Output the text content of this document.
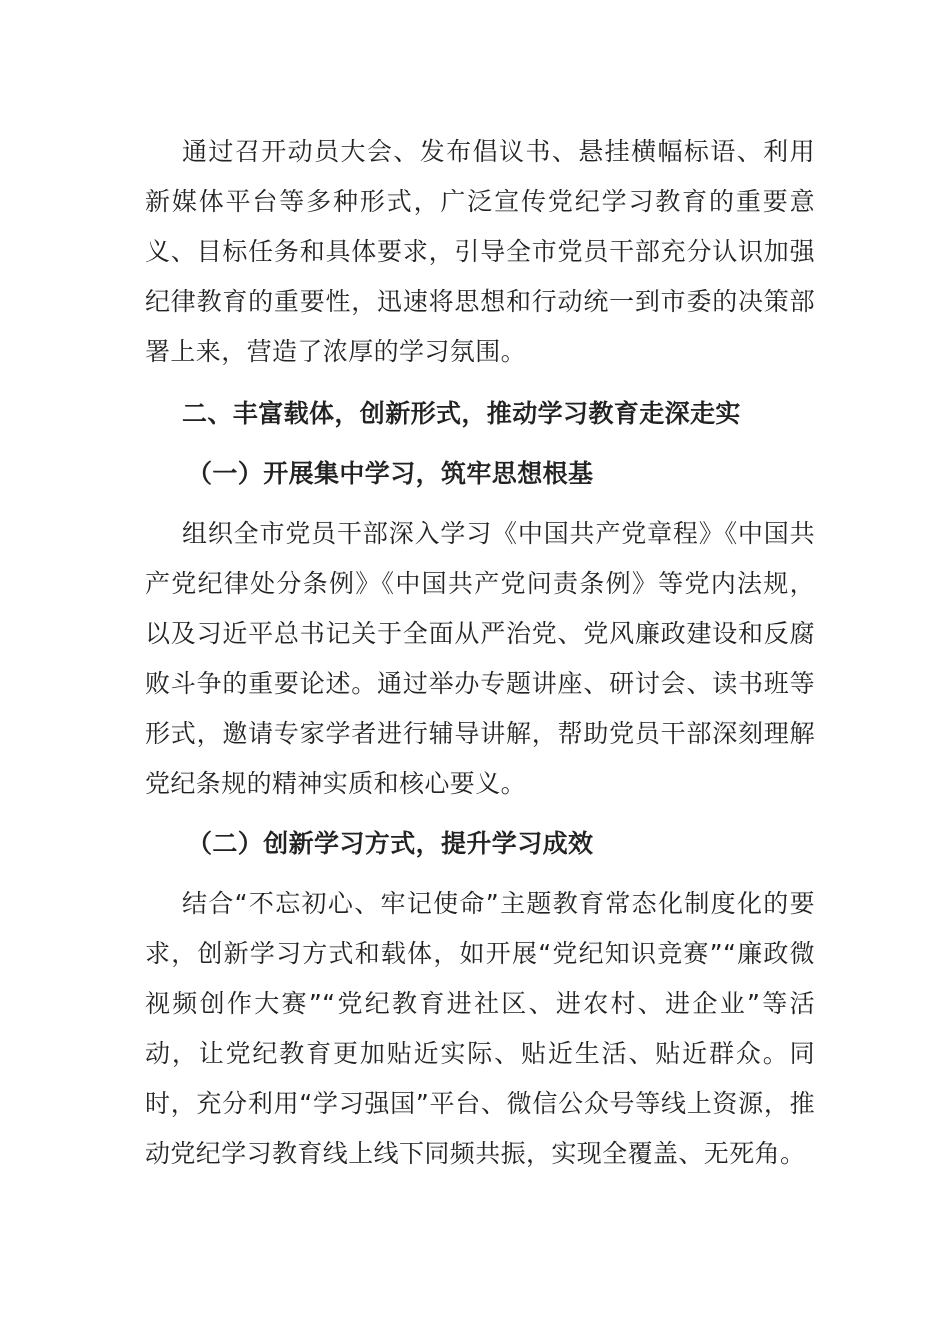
通过召开动员大会、发布倡议书、悬挂横幅标语、利用新媒体平台等多种形式，广泛宣传党纪学习教育的重要意义、目标任务和具体要求，引导全市党员干部充分认识加强纪律教育的重要性，迅速将思想和行动统一到市委的决策部署上来，营造了浓厚的学习氛围。

二、丰富载体，创新形式，推动学习教育走深走实

（一）开展集中学习，筑牢思想根基

组织全市党员干部深入学习《中国共产党章程》《中国共产党纪律处分条例》《中国共产党问责条例》等党内法规，以及习近平总书记关于全面从严治党、党风廉政建设和反腐败斗争的重要论述。通过举办专题讲座、研讨会、读书班等形式，邀请专家学者进行辅导讲解，帮助党员干部深刻理解党纪条规的精神实质和核心要义。

（二）创新学习方式，提升学习成效

结合“不忘初心、牢记使命”主题教育常态化制度化的要求，创新学习方式和载体，如开展“党纪知识竞赛”“廉政微视频创作大赛”“党纪教育进社区、进农村、进企业”等活动，让党纪教育更加贴近实际、贴近生活、贴近群众。同时，充分利用“学习强国”平台、微信公众号等线上资源，推动党纪学习教育线上线下同频共振，实现全覆盖、无死角。
